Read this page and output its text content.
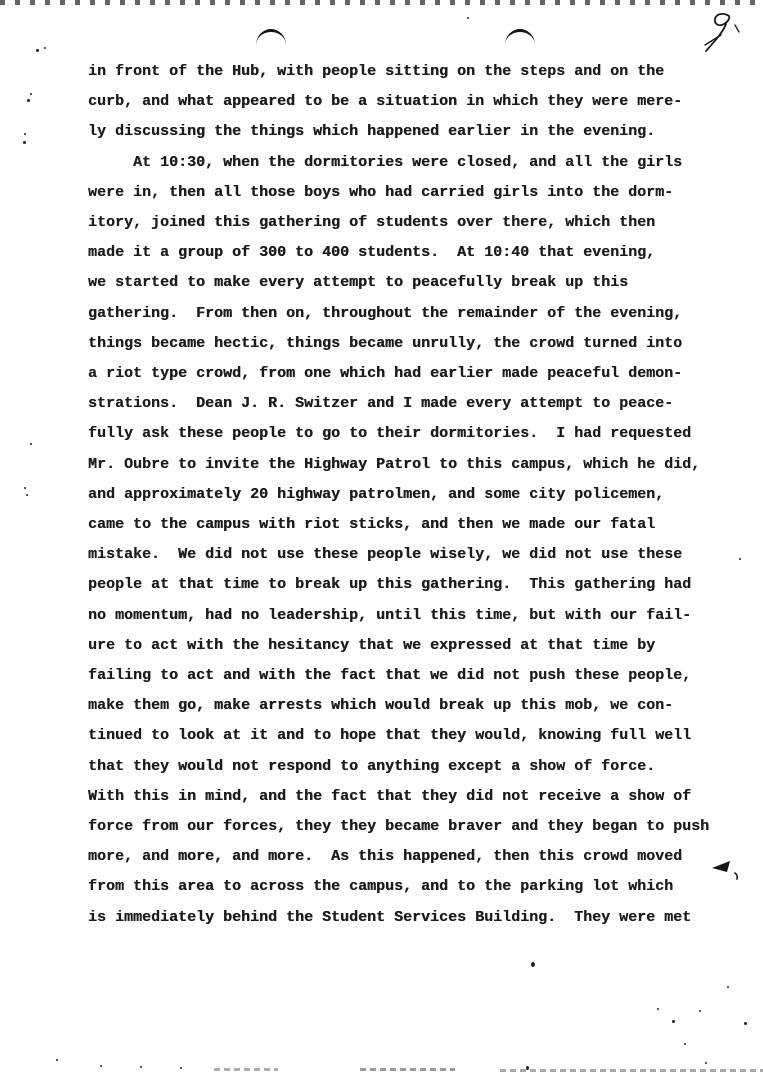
in front of the Hub, with people sitting on the steps and on the
curb, and what appeared to be a situation in which they were mere-
ly discussing the things which happened earlier in the evening.
At 10:30, when the dormitories were closed, and all the girls
were in, then all those boys who had carried girls into the dorm-
itory, joined this gathering of students over there, which then
made it a group of 300 to 400 students.  At 10:40 that evening,
we started to make every attempt to peacefully break up this
gathering.  From then on, throughout the remainder of the evening,
things became hectic, things became unrully, the crowd turned into
a riot type crowd, from one which had earlier made peaceful demon-
strations.  Dean J. R. Switzer and I made every attempt to peace-
fully ask these people to go to their dormitories.  I had requested
Mr. Oubre to invite the Highway Patrol to this campus, which he did,
and approximately 20 highway patrolmen, and some city policemen,
came to the campus with riot sticks, and then we made our fatal
mistake.  We did not use these people wisely, we did not use these
people at that time to break up this gathering.  This gathering had
no momentum, had no leadership, until this time, but with our fail-
ure to act with the hesitancy that we expressed at that time by
failing to act and with the fact that we did not push these people,
make them go, make arrests which would break up this mob, we con-
tinued to look at it and to hope that they would, knowing full well
that they would not respond to anything except a show of force.
With this in mind, and the fact that they did not receive a show of
force from our forces, they they became braver and they began to push
more, and more, and more.  As this happened, then this crowd moved
from this area to across the campus, and to the parking lot which
is immediately behind the Student Services Building.  They were met
